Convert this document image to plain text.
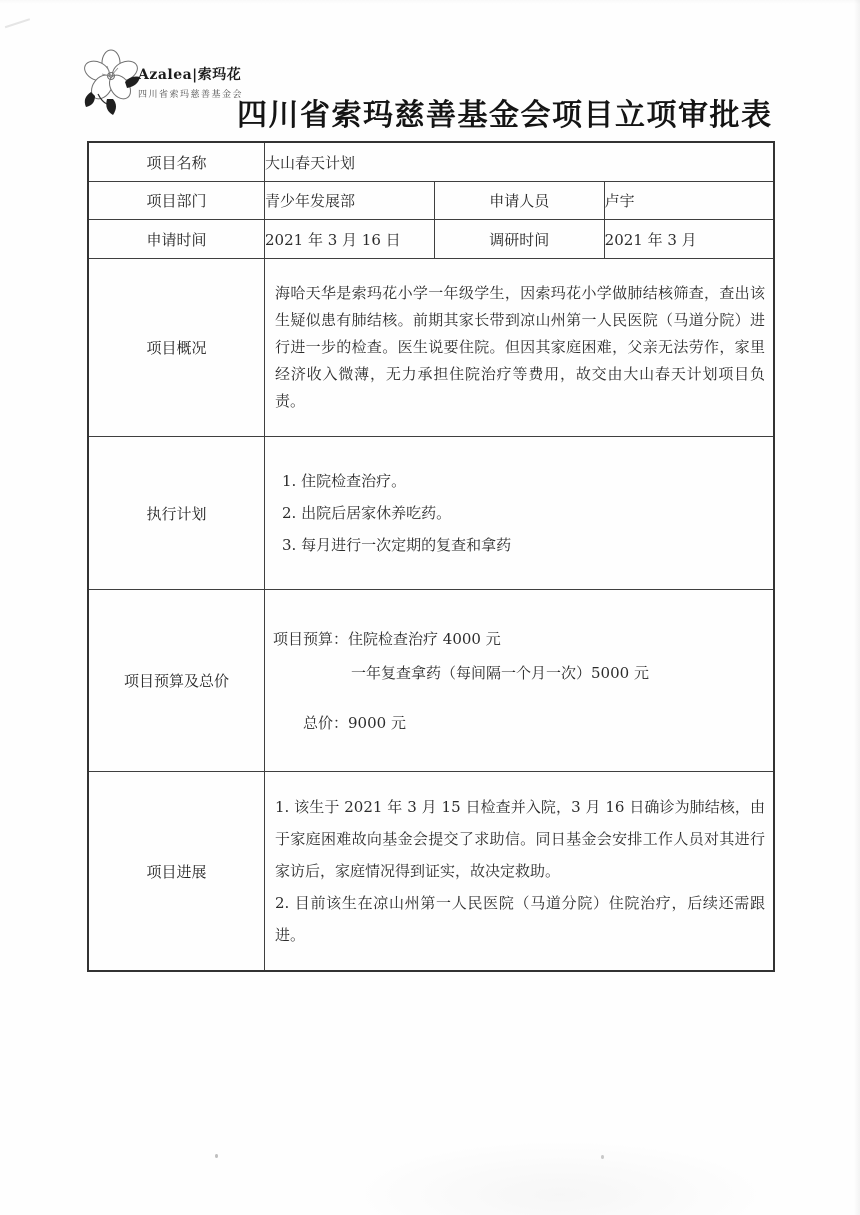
Azalea|索玛花
四川省索玛慈善基金会
四川省索玛慈善基金会项目立项审批表
项目名称	大山春天计划		
项目部门	青少年发展部	申请人员	卢宇
申请时间	2021 年 3 月 16 日	调研时间	2021 年 3 月
项目概况	海哈天华是索玛花小学一年级学生，因索玛花小学做肺结核筛查，查出该生疑似患有肺结核。前期其家长带到凉山州第一人民医院（马道分院）进行进一步的检查。医生说要住院。但因其家庭困难，父亲无法劳作，家里经济收入微薄，无力承担住院治疗等费用，故交由大山春天计划项目负责。		

执行计划	1. 住院检查治疗。
2. 出院后居家休养吃药。
3. 每月进行一次定期的复查和拿药		

项目预算及总价	项目预算：住院检查治疗 4000 元
一年复查拿药（每间隔一个月一次）5000 元
总价：9000 元		

项目进展	1. 该生于 2021 年 3 月 15 日检查并入院，3 月 16 日确诊为肺结核，由于家庭困难故向基金会提交了求助信。同日基金会安排工作人员对其进行家访后，家庭情况得到证实，故决定救助。
2. 目前该生在凉山州第一人民医院（马道分院）住院治疗，后续还需跟进。		
